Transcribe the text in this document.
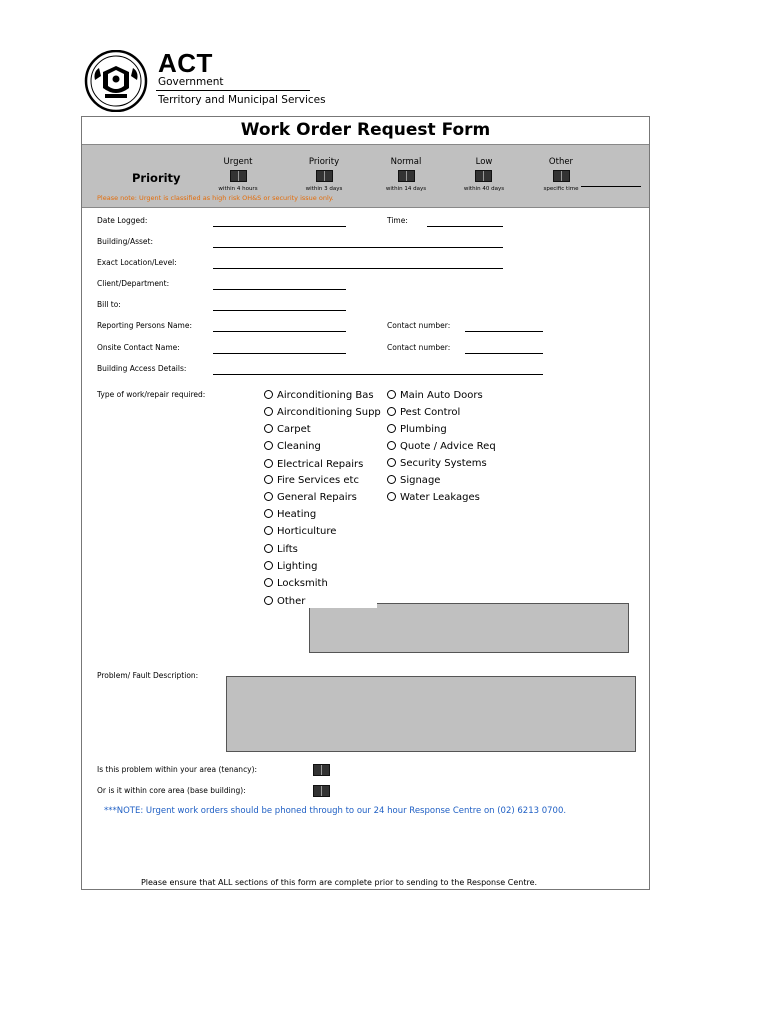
ACT
Government
Territory and Municipal Services
Work Order Request Form
Priority
Urgent
within 4 hours
Priority
within 3 days
Normal
within 14 days
Low
within 40 days
Other
specific time
Please note: Urgent is classified as high risk OH&S or security issue only.
Date Logged:	Time:
Building/Asset:
Exact Location/Level:
Client/Department:
Bill to:
Reporting Persons Name:	Contact number:
Onsite Contact Name:	Contact number:
Building Access Details:
Type of work/repair required:	Airconditioning Bas
Airconditioning Supp
Carpet
Cleaning
Electrical Repairs
Fire Services etc
General Repairs
Heating
Horticulture
Lifts
Lighting
Locksmith
Other
Main Auto Doors
Pest Control
Plumbing
Quote / Advice Req
Security Systems
Signage
Water Leakages
Problem/ Fault Description:
Is this problem within your area (tenancy):
Or is it within core area (base building):
***NOTE: Urgent work orders should be phoned through to our 24 hour Response Centre on (02) 6213 0700.
Please ensure that ALL sections of this form are complete prior to sending to the Response Centre.
